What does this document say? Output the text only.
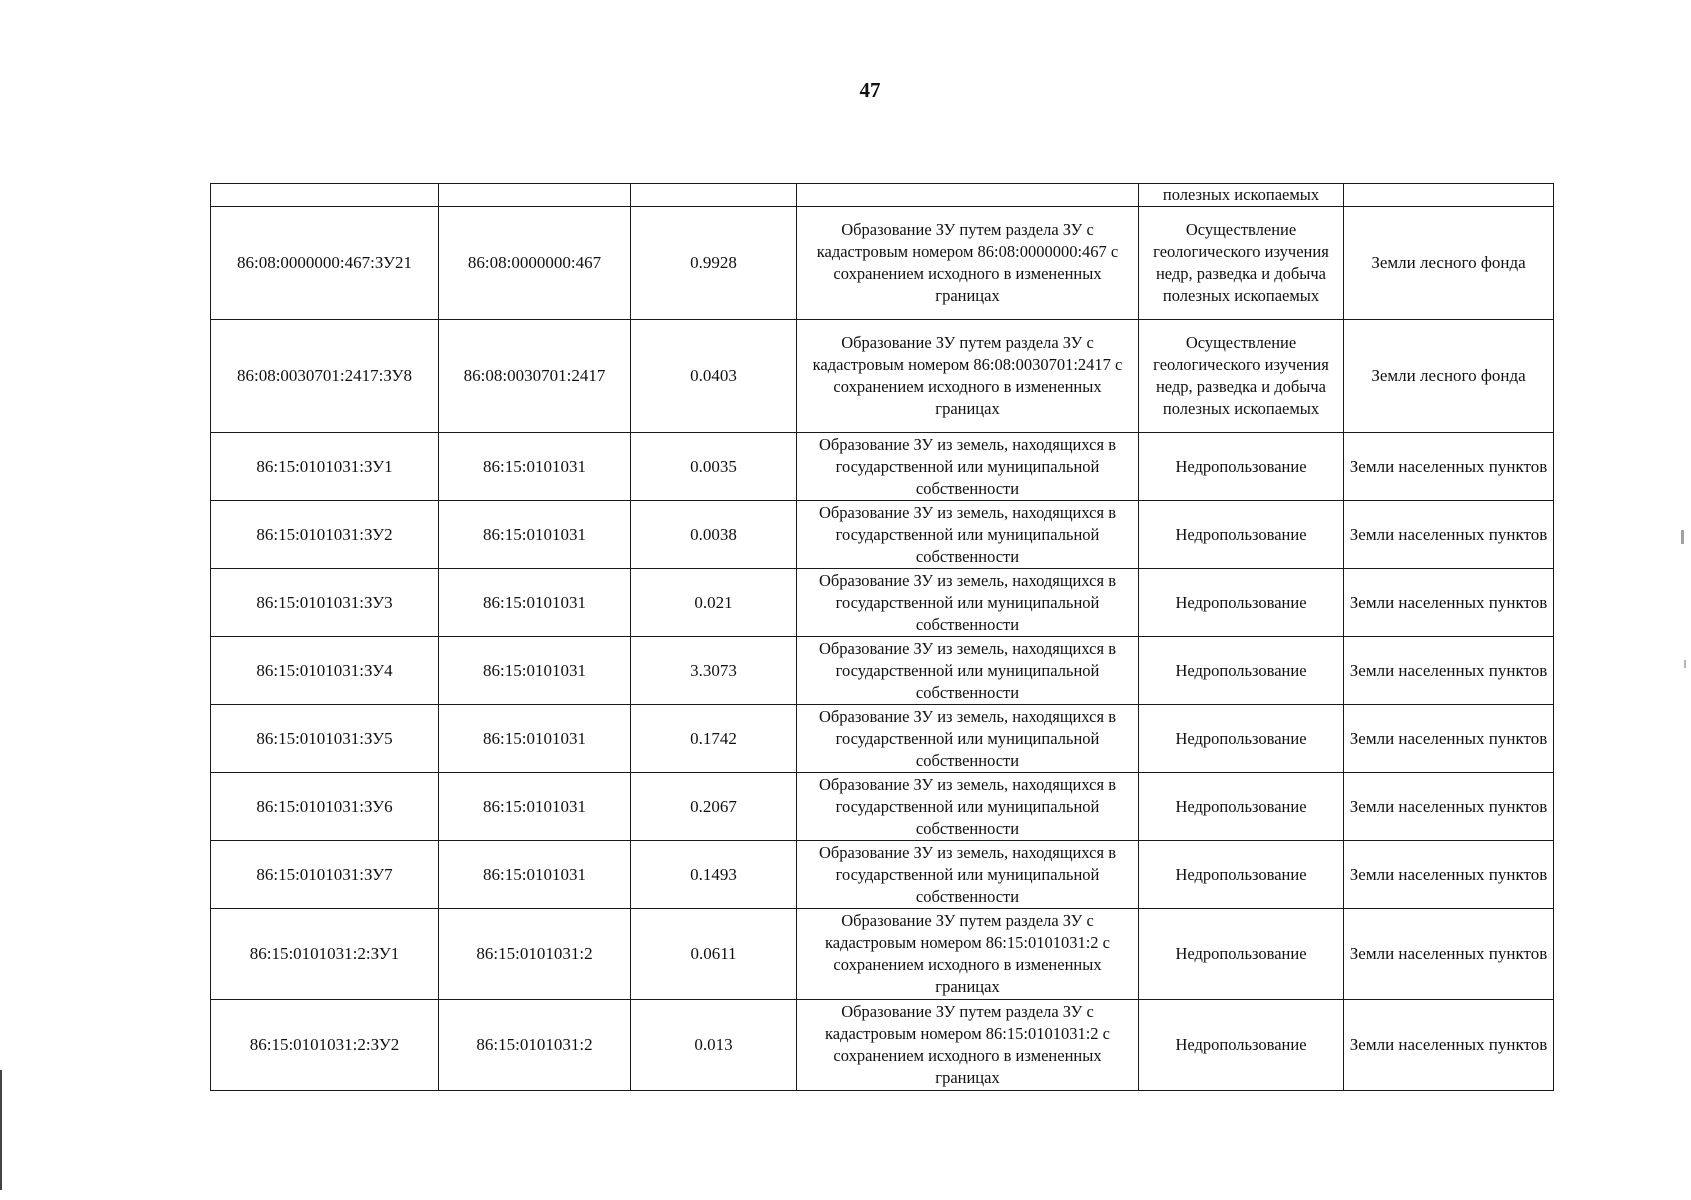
47
				полезных ископаемых	
86:08:0000000:467:ЗУ21	86:08:0000000:467	0.9928	Образование ЗУ путем раздела ЗУ с кадастровым номером 86:08:0000000:467 с сохранением исходного в измененных границах	Осуществление геологического изучения недр, разведка и добыча полезных ископаемых	Земли лесного фонда
86:08:0030701:2417:ЗУ8	86:08:0030701:2417	0.0403	Образование ЗУ путем раздела ЗУ с кадастровым номером 86:08:0030701:2417 с сохранением исходного в измененных границах	Осуществление геологического изучения недр, разведка и добыча полезных ископаемых	Земли лесного фонда
86:15:0101031:ЗУ1	86:15:0101031	0.0035	Образование ЗУ из земель, находящихся в государственной или муниципальной собственности	Недропользование	Земли населенных пунктов
86:15:0101031:ЗУ2	86:15:0101031	0.0038	Образование ЗУ из земель, находящихся в государственной или муниципальной собственности	Недропользование	Земли населенных пунктов
86:15:0101031:ЗУ3	86:15:0101031	0.021	Образование ЗУ из земель, находящихся в государственной или муниципальной собственности	Недропользование	Земли населенных пунктов
86:15:0101031:ЗУ4	86:15:0101031	3.3073	Образование ЗУ из земель, находящихся в государственной или муниципальной собственности	Недропользование	Земли населенных пунктов
86:15:0101031:ЗУ5	86:15:0101031	0.1742	Образование ЗУ из земель, находящихся в государственной или муниципальной собственности	Недропользование	Земли населенных пунктов
86:15:0101031:ЗУ6	86:15:0101031	0.2067	Образование ЗУ из земель, находящихся в государственной или муниципальной собственности	Недропользование	Земли населенных пунктов
86:15:0101031:ЗУ7	86:15:0101031	0.1493	Образование ЗУ из земель, находящихся в государственной или муниципальной собственности	Недропользование	Земли населенных пунктов
86:15:0101031:2:ЗУ1	86:15:0101031:2	0.0611	Образование ЗУ путем раздела ЗУ с кадастровым номером 86:15:0101031:2 с сохранением исходного в измененных границах	Недропользование	Земли населенных пунктов
86:15:0101031:2:ЗУ2	86:15:0101031:2	0.013	Образование ЗУ путем раздела ЗУ с кадастровым номером 86:15:0101031:2 с сохранением исходного в измененных границах	Недропользование	Земли населенных пунктов
